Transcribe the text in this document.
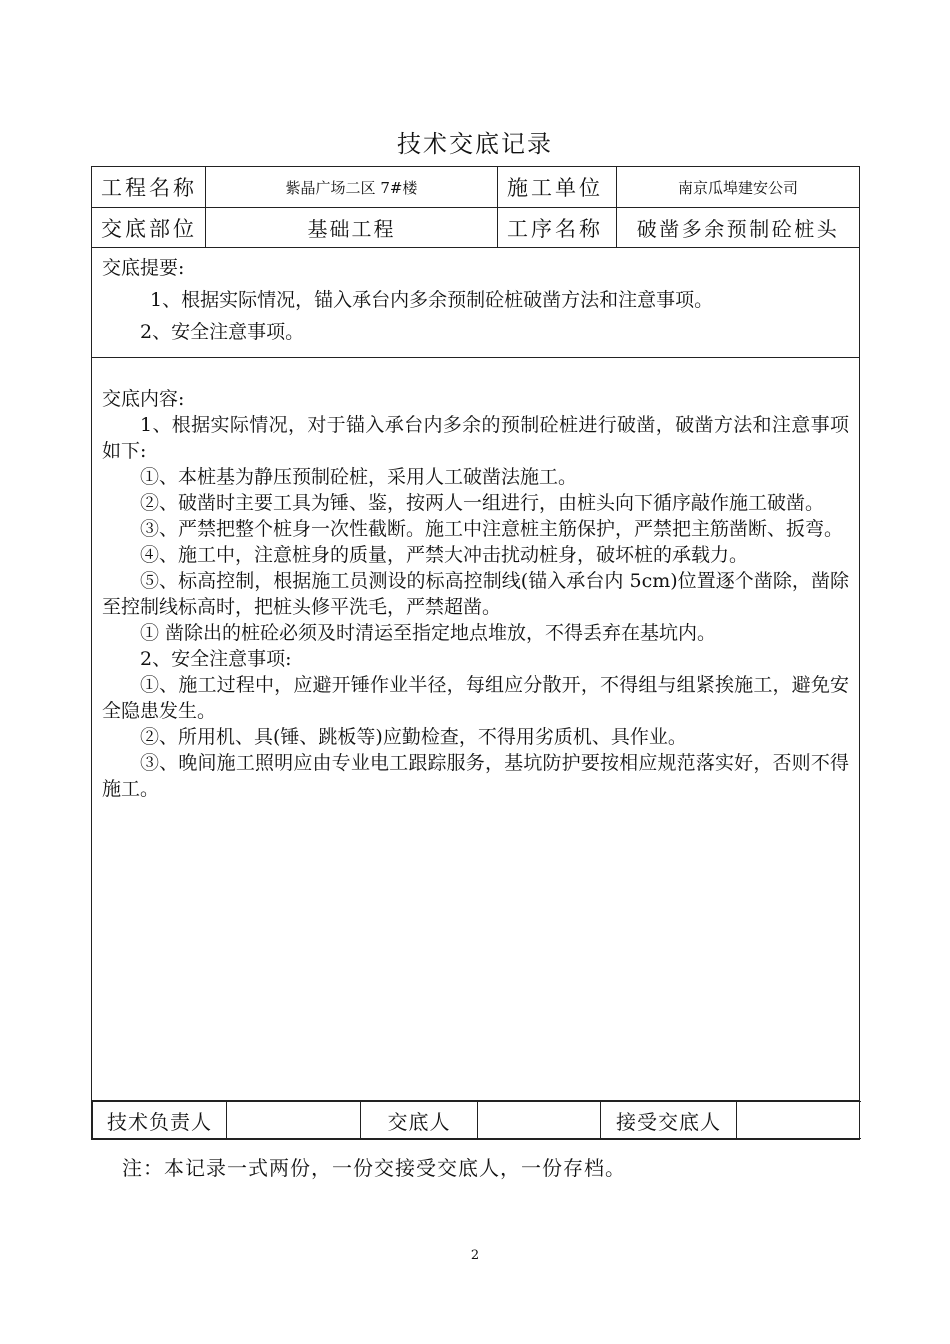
技术交底记录
工程名称	紫晶广场二区 7#楼	施工单位	南京瓜埠建安公司
交底部位	基础工程	工序名称	破凿多余预制砼桩头

交底提要:

1、根据实际情况，锚入承台内多余预制砼桩破凿方法和注意事项。

2、安全注意事项。

交底内容:

1、根据实际情况，对于锚入承台内多余的预制砼桩进行破凿，破凿方法和注意事项如下:

①、本桩基为静压预制砼桩，采用人工破凿法施工。

②、破凿时主要工具为锤、鉴，按两人一组进行，由桩头向下循序敲作施工破凿。

③、严禁把整个桩身一次性截断。施工中注意桩主筋保护，严禁把主筋凿断、扳弯。

④、施工中，注意桩身的质量，严禁大冲击扰动桩身，破坏桩的承载力。

⑤、标高控制，根据施工员测设的标高控制线(锚入承台内 5cm)位置逐个凿除，凿除至控制线标高时，把桩头修平洗毛，严禁超凿。

① 凿除出的桩砼必须及时清运至指定地点堆放，不得丢弃在基坑内。

2、安全注意事项:

①、施工过程中，应避开锤作业半径，每组应分散开，不得组与组紧挨施工，避免安全隐患发生。

②、所用机、具(锤、跳板等)应勤检查，不得用劣质机、具作业。

③、晚间施工照明应由专业电工跟踪服务，基坑防护要按相应规范落实好，否则不得施工。

技术负责人		交底人		接受交底人	
注：本记录一式两份，一份交接受交底人，一份存档。
2
